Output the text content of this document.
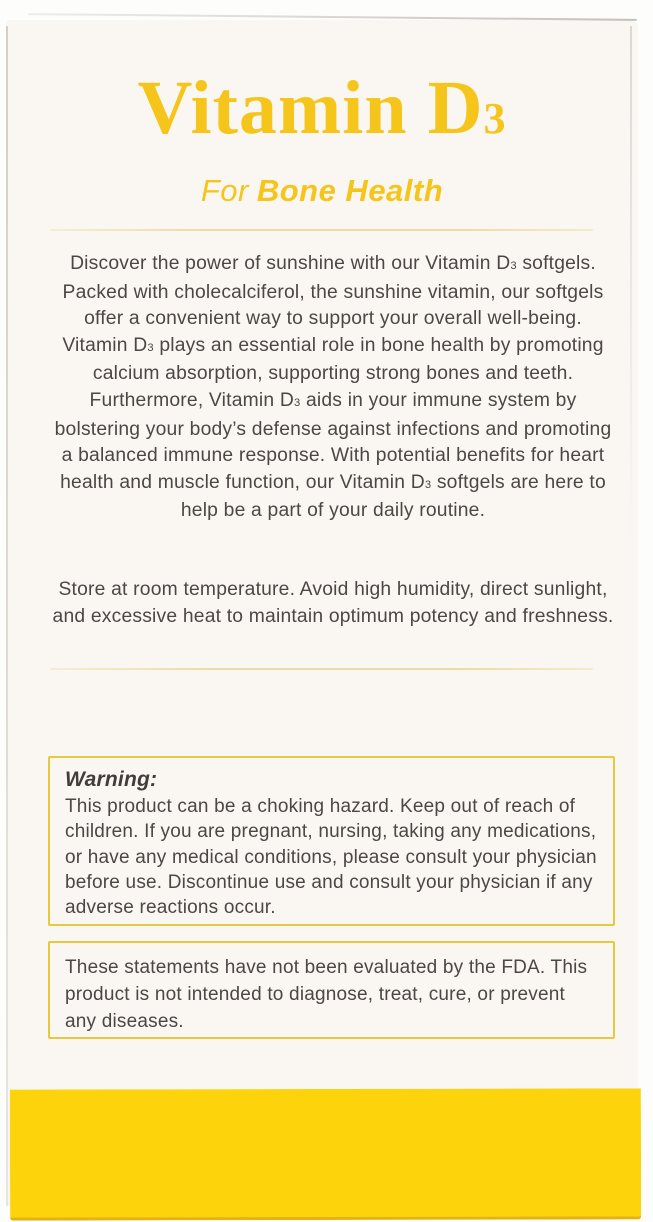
Vitamin D3

For Bone Health

Discover the power of sunshine with our Vitamin D3 softgels. Packed with cholecalciferol, the sunshine vitamin, our softgels offer a convenient way to support your overall well-being. Vitamin D3 plays an essential role in bone health by promoting calcium absorption, supporting strong bones and teeth. Furthermore, Vitamin D3 aids in your immune system by bolstering your body’s defense against infections and promoting a balanced immune response. With potential benefits for heart health and muscle function, our Vitamin D3 softgels are here to help be a part of your daily routine.

Store at room temperature. Avoid high humidity, direct sunlight, and excessive heat to maintain optimum potency and freshness.

Warning:

This product can be a choking hazard. Keep out of reach of children. If you are pregnant, nursing, taking any medications, or have any medical conditions, please consult your physician before use. Discontinue use and consult your physician if any adverse reactions occur.

These statements have not been evaluated by the FDA. This product is not intended to diagnose, treat, cure, or prevent any diseases.
